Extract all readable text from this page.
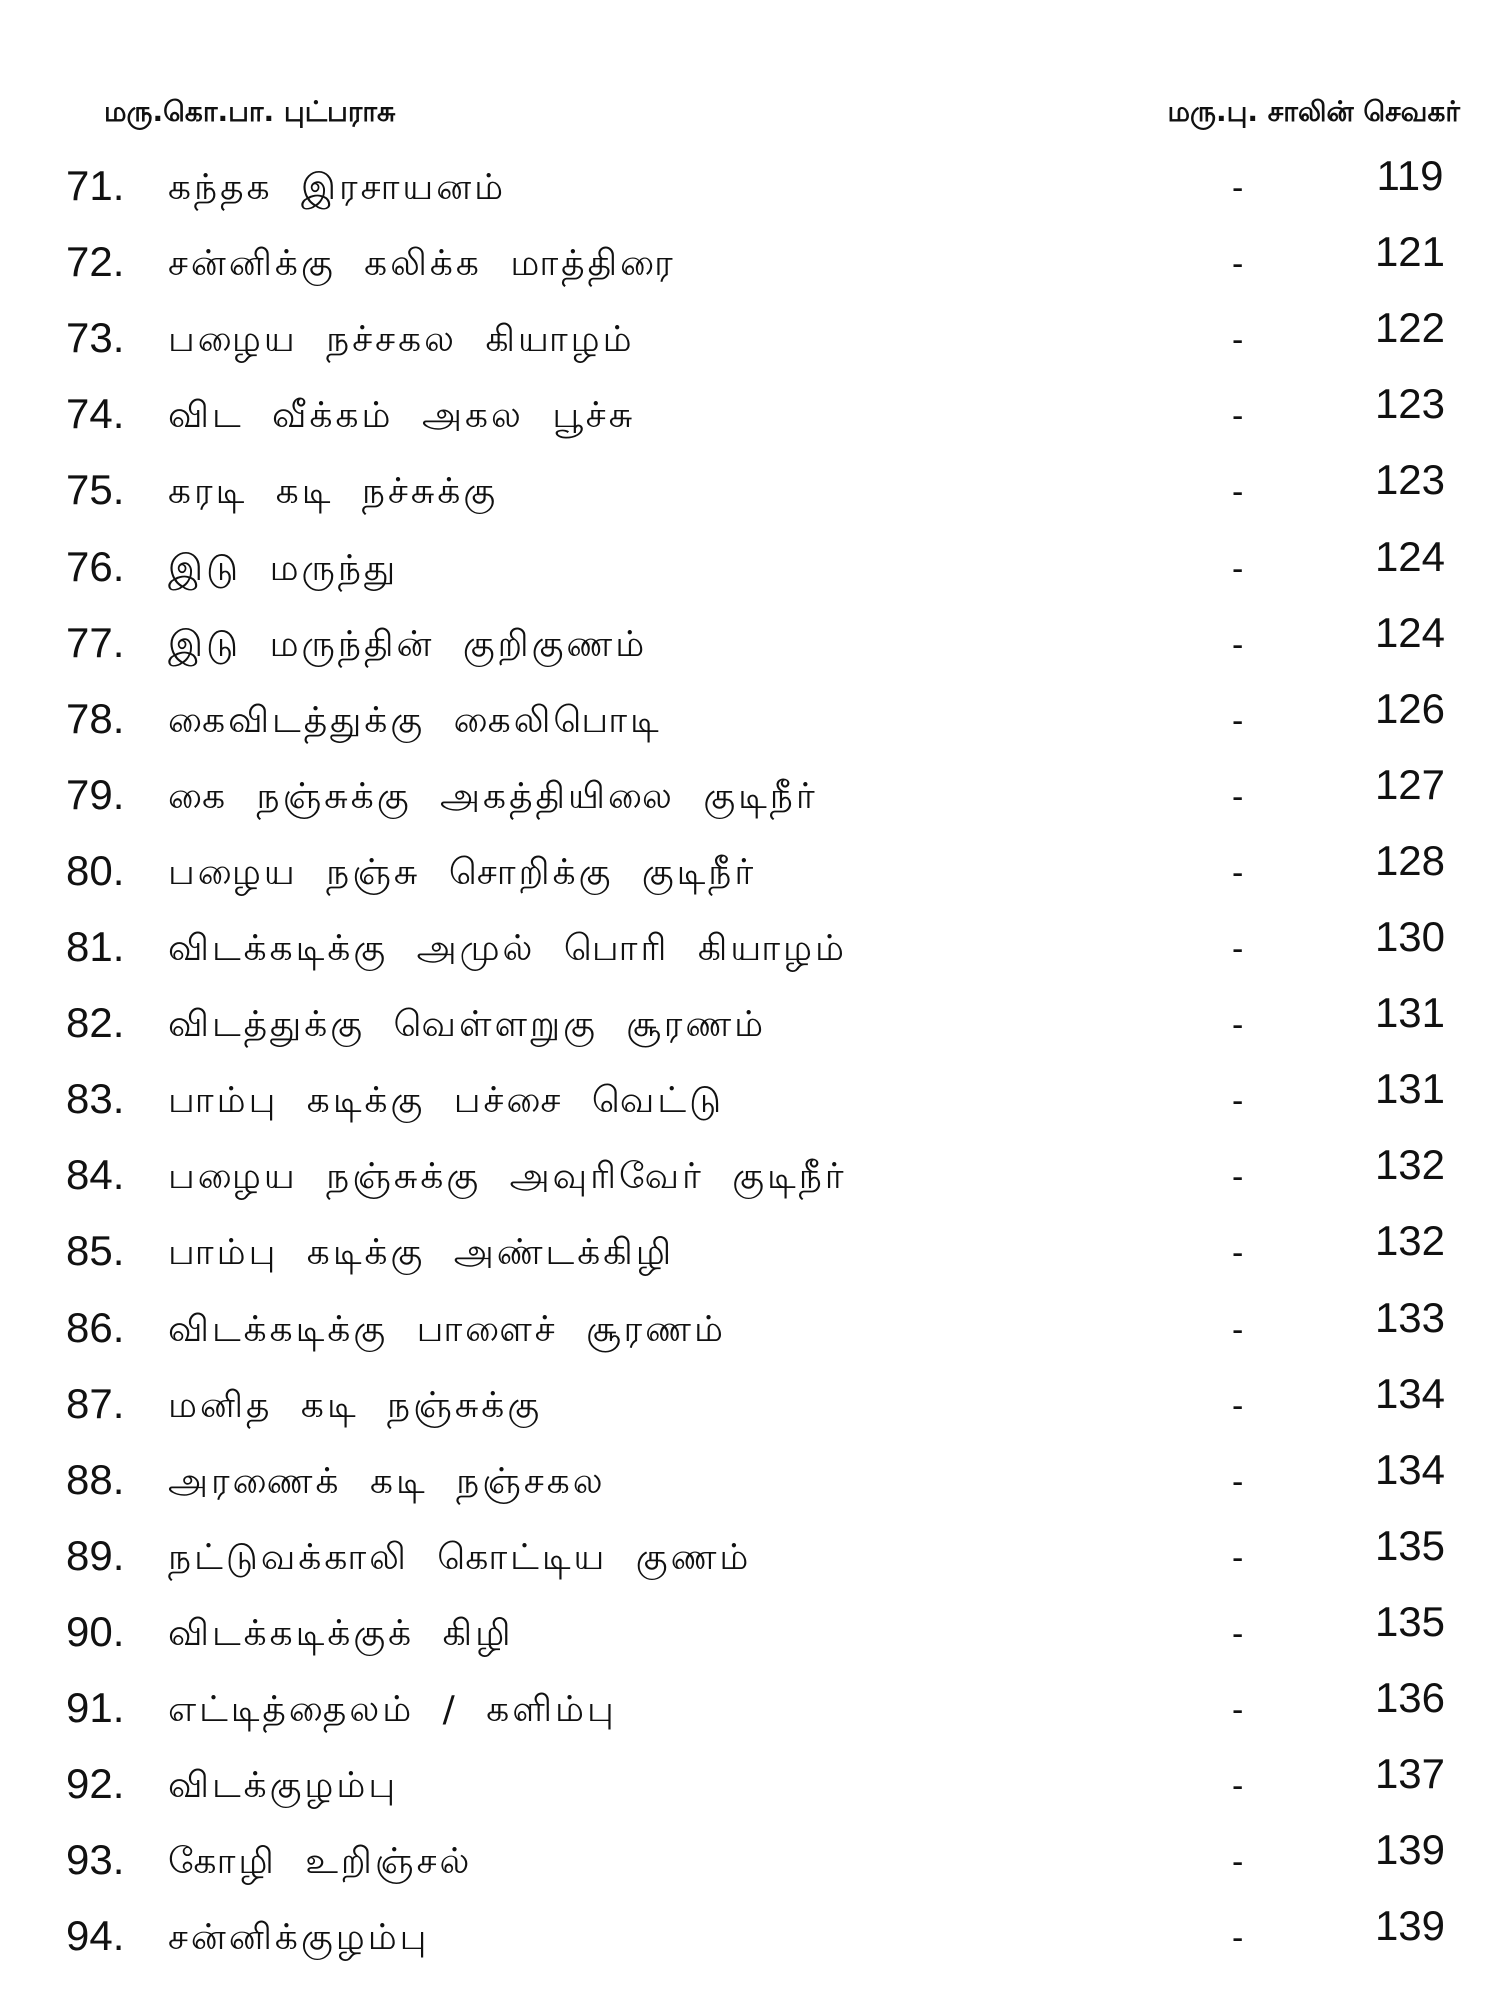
மரு.கொ.பா. புட்பராசு	மரு.பு. சாலின் செவகர்
71. கந்தக இரசாயனம்	-	119
72. சன்னிக்கு கலிக்க மாத்திரை	-	121
73. பழைய நச்சகல கியாழம்	-	122
74. விட வீக்கம் அகல பூச்சு	-	123
75. கரடி கடி நச்சுக்கு	-	123
76. இடு மருந்து	-	124
77. இடு மருந்தின் குறிகுணம்	-	124
78. கைவிடத்துக்கு கைலிபொடி	-	126
79. கை நஞ்சுக்கு அகத்தியிலை குடிநீர்	-	127
80. பழைய நஞ்சு சொறிக்கு குடிநீர்	-	128
81. விடக்கடிக்கு அமுல் பொரி கியாழம்	-	130
82. விடத்துக்கு வெள்ளறுகு சூரணம்	-	131
83. பாம்பு கடிக்கு பச்சை வெட்டு	-	131
84. பழைய நஞ்சுக்கு அவுரிவேர் குடிநீர்	-	132
85. பாம்பு கடிக்கு அண்டக்கிழி	-	132
86. விடக்கடிக்கு பாளைச் சூரணம்	-	133
87. மனித கடி நஞ்சுக்கு	-	134
88. அரணைக் கடி நஞ்சகல	-	134
89. நட்டுவக்காலி கொட்டிய குணம்	-	135
90. விடக்கடிக்குக் கிழி	-	135
91. எட்டித்தைலம் / களிம்பு	-	136
92. விடக்குழம்பு	-	137
93. கோழி உறிஞ்சல்	-	139
94. சன்னிக்குழம்பு	-	139
